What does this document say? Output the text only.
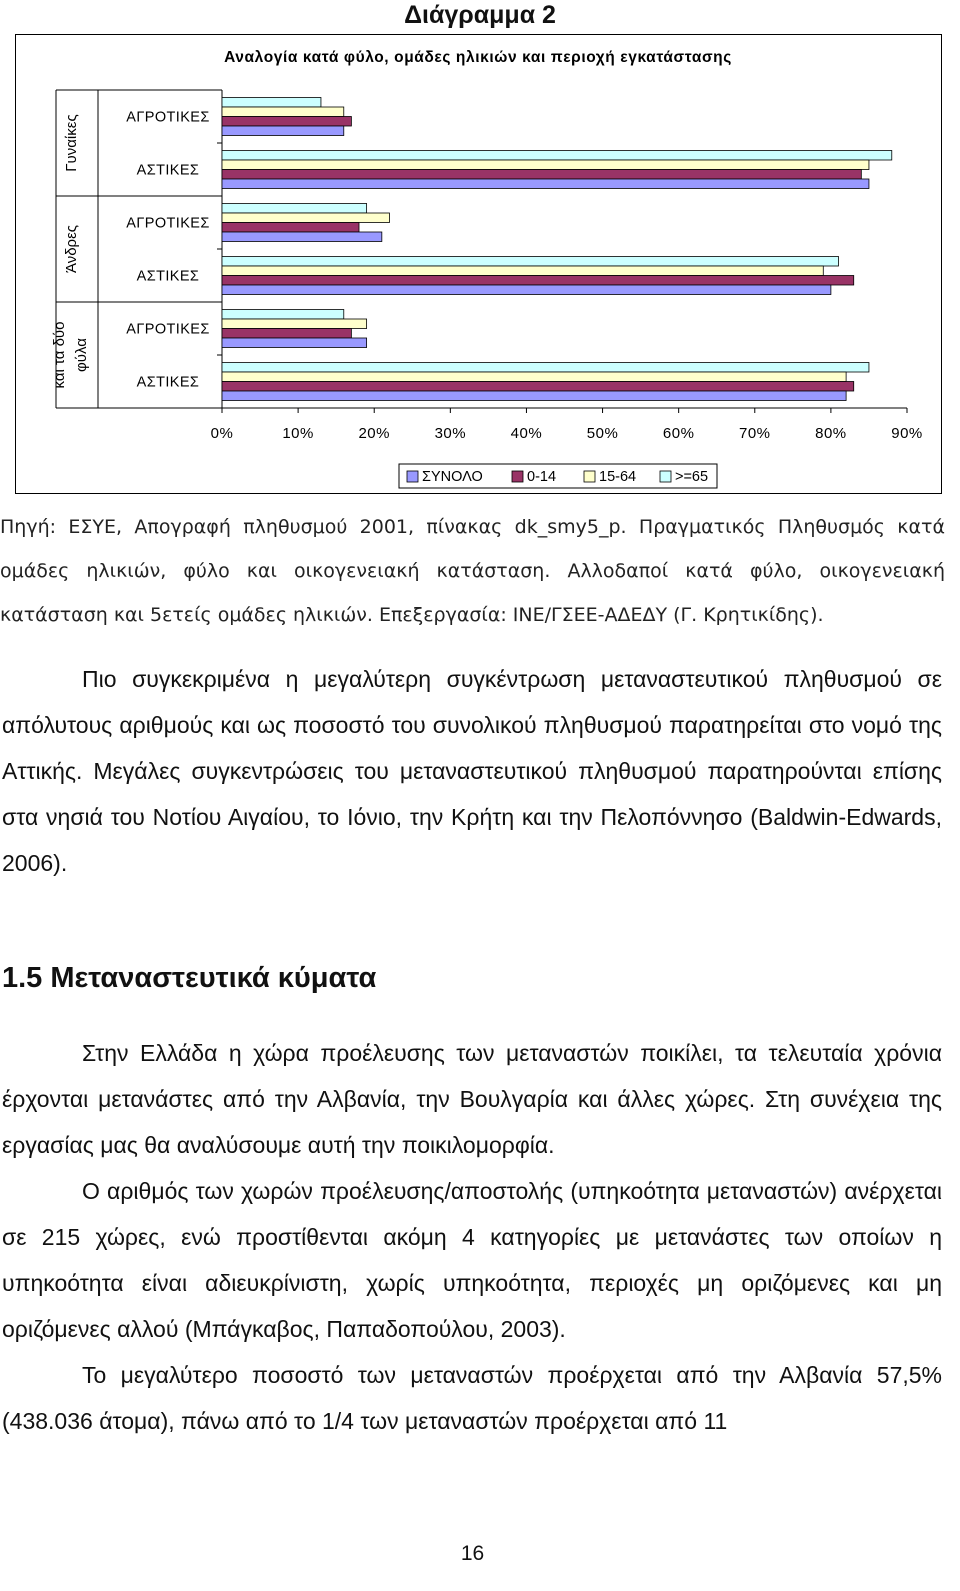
Διάγραμμα 2
Αναλογία κατά φύλο, ομάδες ηλικιών και περιοχή εγκατάστασης
ΑΓΡΟΤΙΚΕΣ
ΑΣΤΙΚΕΣ
Γυναίκες
ΑΓΡΟΤΙΚΕΣ
ΑΣΤΙΚΕΣ
Άνδρες
ΑΓΡΟΤΙΚΕΣ
ΑΣΤΙΚΕΣ
και τα δύο φύλα
0%	10%	20%	30%	40%	50%	60%	70%	80%	90%
ΣΥΝΟΛΟ	0-14	15-64	>=65

Πηγή: ΕΣΥΕ, Απογραφή πληθυσμού 2001, πίνακας dk_smy5_p. Πραγματικός Πληθυσμός κατά ομάδες ηλικιών, φύλο και οικογενειακή κατάσταση. Αλλοδαποί κατά φύλο, οικογενειακή κατάσταση και 5ετείς ομάδες ηλικιών. Επεξεργασία: ΙΝΕ/ΓΣΕΕ-ΑΔΕΔΥ (Γ. Κρητικίδης).

Πιο συγκεκριμένα η μεγαλύτερη συγκέντρωση μεταναστευτικού πληθυσμού σε απόλυτους αριθμούς και ως ποσοστό του συνολικού πληθυσμού παρατηρείται στο νομό της Αττικής. Μεγάλες συγκεντρώσεις του μεταναστευτικού πληθυσμού παρατηρούνται επίσης στα νησιά του Νοτίου Αιγαίου, το Ιόνιο, την Κρήτη και την Πελοπόννησο (Baldwin-Edwards, 2006).

1.5 Μεταναστευτικά κύματα

Στην Ελλάδα η χώρα προέλευσης των μεταναστών ποικίλει, τα τελευταία χρόνια έρχονται μετανάστες από την Αλβανία, την Βουλγαρία και άλλες χώρες. Στη συνέχεια της εργασίας μας θα αναλύσουμε αυτή την ποικιλομορφία.

Ο αριθμός των χωρών προέλευσης/αποστολής (υπηκοότητα μεταναστών) ανέρχεται σε 215 χώρες, ενώ προστίθενται ακόμη 4 κατηγορίες με μετανάστες των οποίων η υπηκοότητα είναι αδιευκρίνιστη, χωρίς υπηκοότητα, περιοχές μη οριζόμενες και μη οριζόμενες αλλού (Μπάγκαβος, Παπαδοπούλου, 2003).

Το μεγαλύτερο ποσοστό των μεταναστών προέρχεται από την Αλβανία 57,5% (438.036 άτομα), πάνω από το 1/4 των μεταναστών προέρχεται από 11

16
